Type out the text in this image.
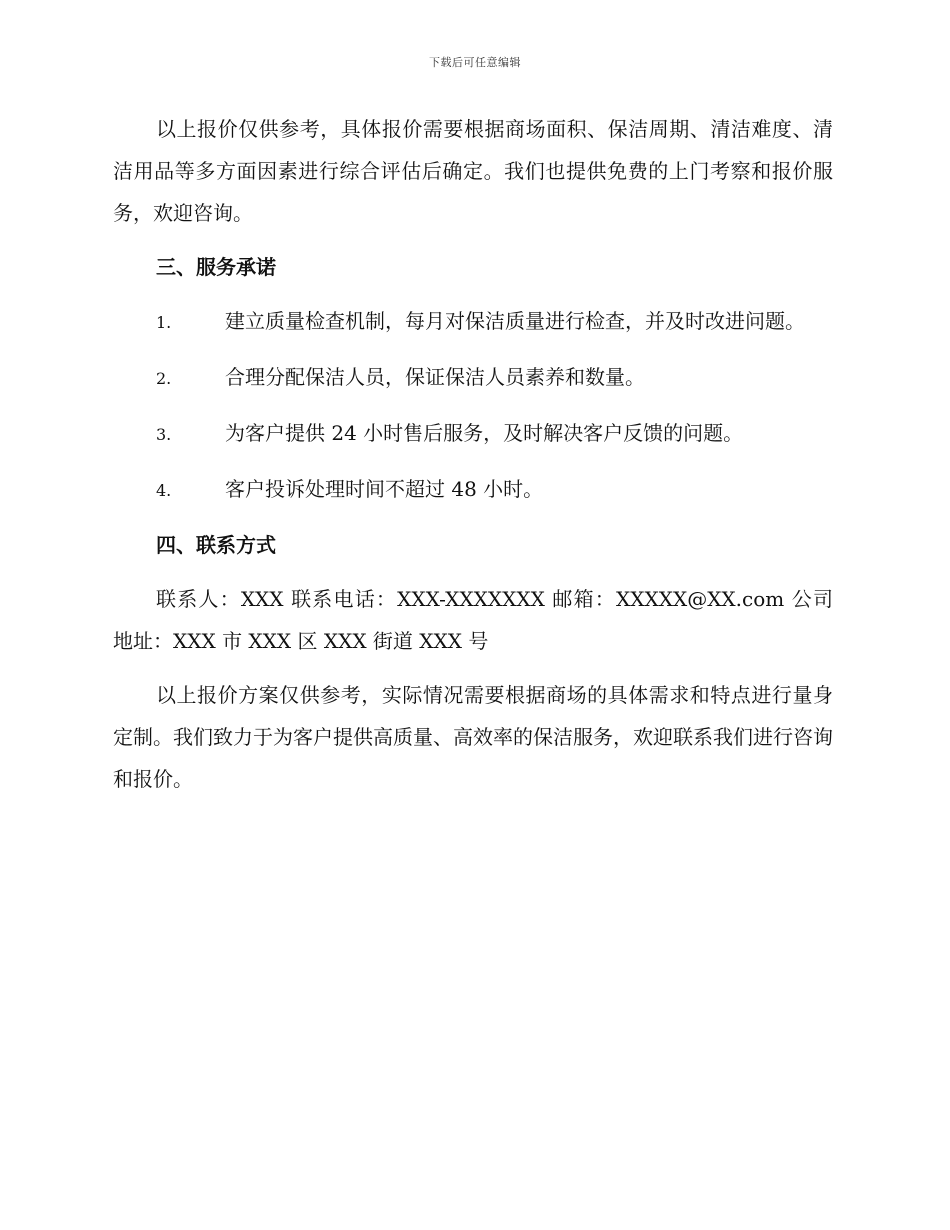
下载后可任意编辑

以上报价仅供参考，具体报价需要根据商场面积、保洁周期、清洁难度、清洁用品等多方面因素进行综合评估后确定。我们也提供免费的上门考察和报价服务，欢迎咨询。

三、服务承诺
1.	建立质量检查机制，每月对保洁质量进行检查，并及时改进问题。
2.	合理分配保洁人员，保证保洁人员素养和数量。
3.	为客户提供 24 小时售后服务，及时解决客户反馈的问题。
4.	客户投诉处理时间不超过 48 小时。
四、联系方式

联系人：XXX 联系电话：XXX-XXXXXXX 邮箱：XXXXX@XX.com 公司地址：XXX 市 XXX 区 XXX 街道 XXX 号

以上报价方案仅供参考，实际情况需要根据商场的具体需求和特点进行量身定制。我们致力于为客户提供高质量、高效率的保洁服务，欢迎联系我们进行咨询和报价。
